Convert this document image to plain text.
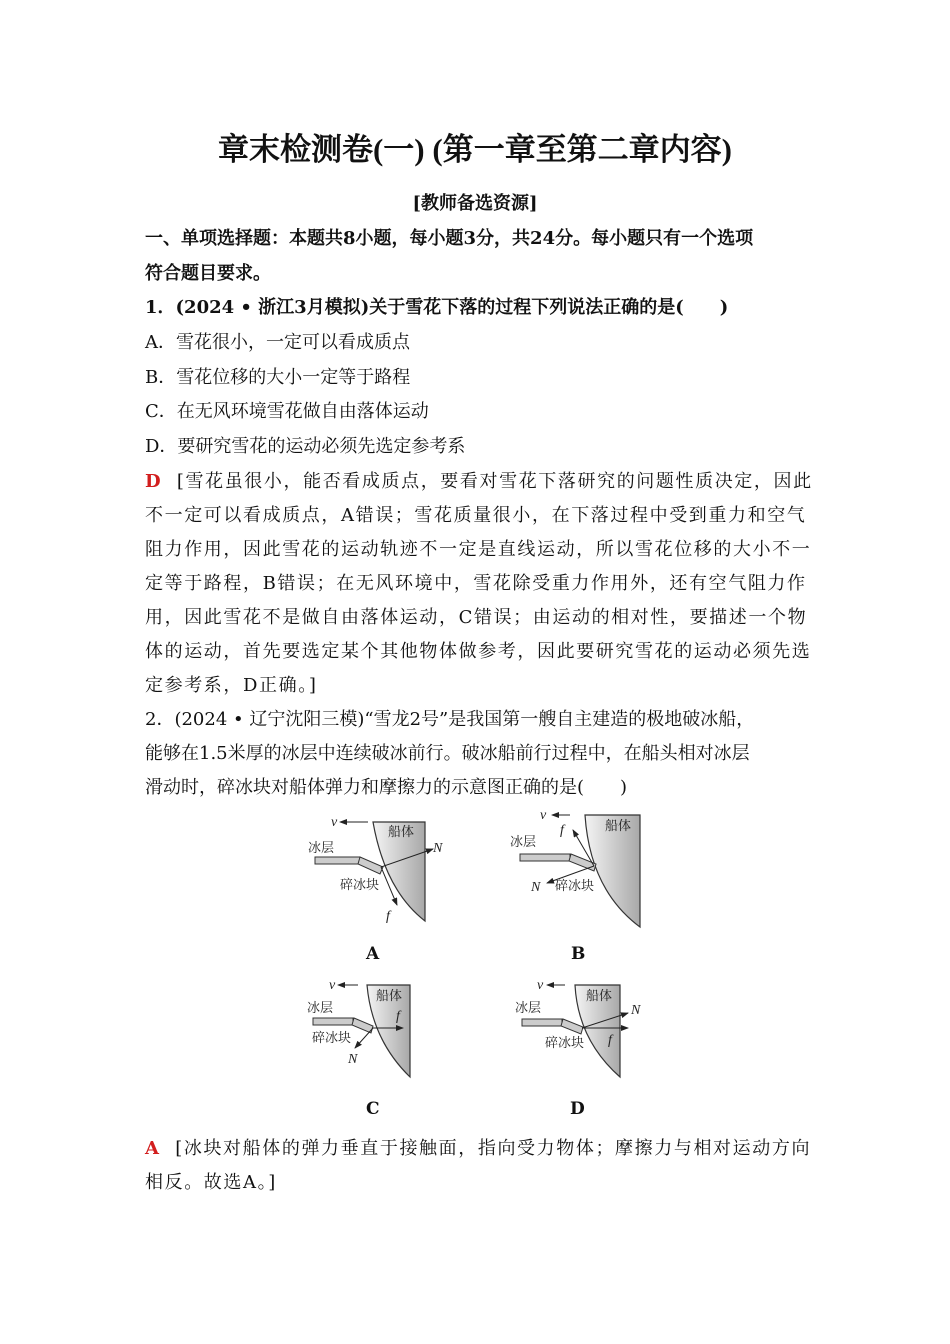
章末检测卷(一) (第一章至第二章内容)
[教师备选资源]
一、单项选择题：本题共8小题，每小题3分，共24分。每小题只有一个选项
符合题目要求。
1．(2024 • 浙江3月模拟)关于雪花下落的过程下列说法正确的是(　　)
A．雪花很小，一定可以看成质点
B．雪花位移的大小一定等于路程
C．在无风环境雪花做自由落体运动
D．要研究雪花的运动必须先选定参考系
D [雪花虽很小，能否看成质点，要看对雪花下落研究的问题性质决定，因此
不一定可以看成质点，A错误；雪花质量很小，在下落过程中受到重力和空气
阻力作用，因此雪花的运动轨迹不一定是直线运动，所以雪花位移的大小不一
定等于路程，B错误；在无风环境中，雪花除受重力作用外，还有空气阻力作
用，因此雪花不是做自由落体运动，C错误；由运动的相对性，要描述一个物
体的运动，首先要选定某个其他物体做参考，因此要研究雪花的运动必须先选
定参考系，D正确。]
2．(2024 • 辽宁沈阳三模)“雪龙2号”是我国第一艘自主建造的极地破冰船，
能够在1.5米厚的冰层中连续破冰前行。破冰船前行过程中，在船头相对冰层
滑动时，碎冰块对船体弹力和摩擦力的示意图正确的是(　　)
v
船体
冰层
碎冰块
N
f
v
船体
冰层
碎冰块
N
f
v
船体
冰层
碎冰块
N
f
v
船体
冰层
碎冰块
N
f
A	B
C	D
A [冰块对船体的弹力垂直于接触面，指向受力物体；摩擦力与相对运动方向
相反。故选A。]
